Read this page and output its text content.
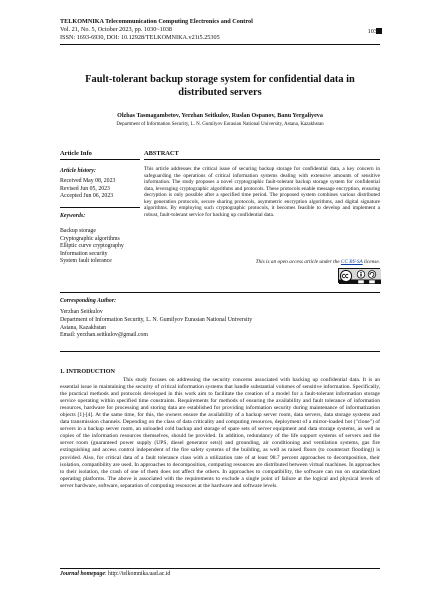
TELKOMNIKA Telecommunication Computing Electronics and Control
Vol. 21, No. 5, October 2023, pp. 1030~1038
ISSN: 1693-6930, DOI: 10.12928/TELKOMNIKA.v21i5.25305
1030
Fault-tolerant backup storage system for confidential data in distributed servers
Olzhas Tasmagambetov, Yerzhan Seitkulov, Ruslan Ospanov, Banu Yergaliyeva
Department of Information Security, L. N. Gumilyov Eurasian National University, Astana, Kazakhstan
Article Info	ABSTRACT
Article history:
Received May 08, 2023
Revised Jun 05, 2023
Accepted Jun 06, 2023
Keywords:
Backup storage
Cryptographic algorithms
Elliptic curve cryptography
Information security
System fault tolerance
This article addresses the critical issue of securing backup storage for confidential data, a key concern in safeguarding the operations of critical information systems dealing with extensive amounts of sensitive information. The study proposes a novel cryptographic fault-tolerant backup storage system for confidential data, leveraging cryptographic algorithms and protocols. These protocols enable message encryption, ensuring decryption is only possible after a specified time period. The proposed system combines various distributed key generation protocols, secure sharing protocols, asymmetric encryption algorithms, and digital signature algorithms. By employing such cryptographic protocols, it becomes feasible to develop and implement a robust, fault-tolerant service for backing up confidential data.
This is an open access article under the CC BY-SA license.
Corresponding Author:
Yerzhan Seitkulov
Department of Information Security, L. N. Gumilyov Eurasian National University
Astana, Kazakhstan
Email: yerzhan.seitkulov@gmail.com
1. INTRODUCTION
This study focuses on addressing the security concerns associated with backing up confidential data. It is an essential issue in maintaining the security of critical information systems that handle substantial volumes of sensitive information. Specifically, the practical methods and protocols developed in this work aim to facilitate the creation of a model for a fault-tolerant information storage service operating within specified time constraints. Requirements for methods of ensuring the availability and fault tolerance of information resources, hardware for processing and storing data are established for providing information security during maintenance of informatization objects [1]-[4]. At the same time, for this, the owners ensure the availability of a backup server room, data servers, data storage systems and data transmission channels. Depending on the class of data criticality and computing resources, deployment of a mirror-loaded hot ("clone") of servers in a backup server room, an unloaded cold backup and storage of spare sets of server equipment and data storage systems, as well as copies of the information resources themselves, should be provided. In addition, redundancy of the life support systems of servers and the server room (guaranteed power supply (UPS, diesel generator sets)) and grounding, air conditioning and ventilation systems, gas fire extinguishing and access control independent of the fire safety systems of the building, as well as raised floors (to counteract flooding)) is provided. Also, for critical data of a fault tolerance class with a utilization rate of at least 98.7 percent approaches to decomposition, their isolation, compatibility are used. In approaches to decomposition, computing resources are distributed between virtual machines. In approaches to their isolation, the crash of one of them does not affect the others. In approaches to compatibility, the software can run on standardized operating platforms. The above is associated with the requirements to exclude a single point of failure at the logical and physical levels of server hardware, software, separation of computing resources at the hardware and software levels.
Journal homepage: http://telkomnika.uad.ac.id
